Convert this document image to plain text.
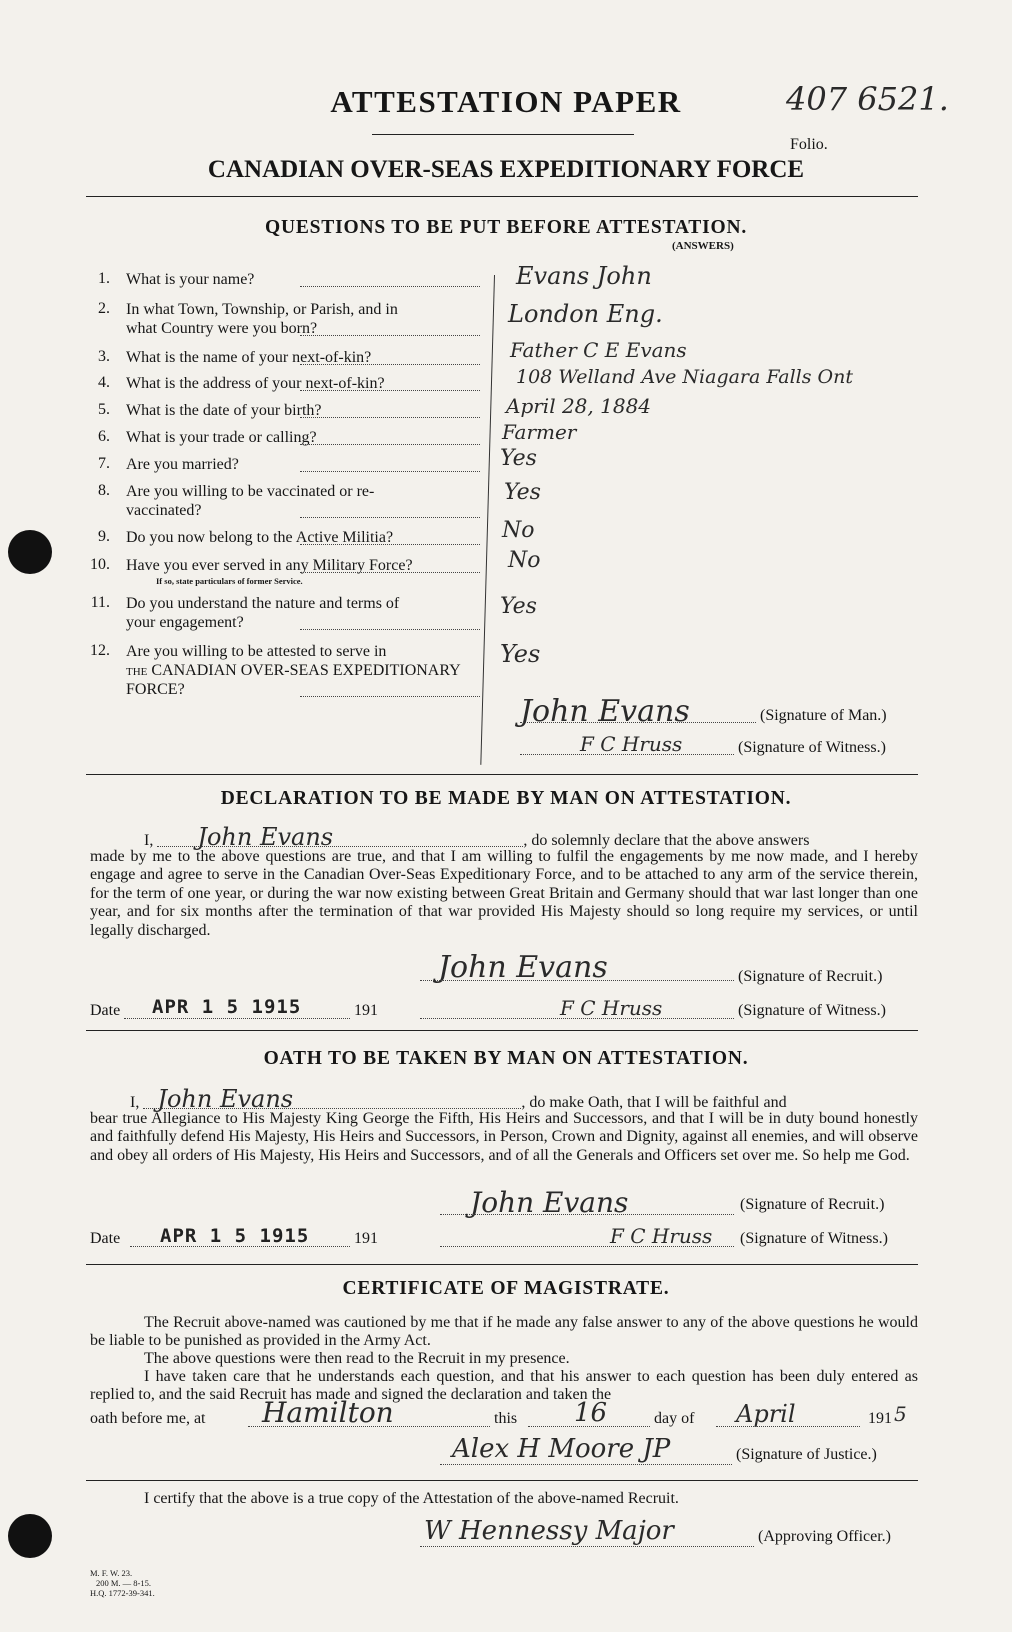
ATTESTATION PAPER	407 6521.
Folio.
CANADIAN OVER-SEAS EXPEDITIONARY FORCE
QUESTIONS TO BE PUT BEFORE ATTESTATION.
(ANSWERS)
1. What is your name?	Evans John
2. In what Town, Township, or Parish, and in
what Country were you born?
London Eng.
3. What is the name of your next-of-kin?	Father C E Evans
4. What is the address of your next-of-kin?	108 Welland Ave Niagara Falls Ont
5. What is the date of your birth?	April 28, 1884
6. What is your trade or calling?	Farmer
7. Are you married?	Yes
8. Are you willing to be vaccinated or re-
vaccinated?
Yes
9. Do you now belong to the Active Militia?	No
10. Have you ever served in any Military Force?
If so, state particulars of former Service.
No
11. Do you understand the nature and terms of
your engagement?
Yes
12. Are you willing to be attested to serve in
the CANADIAN OVER-SEAS EXPEDITIONARY
FORCE?
Yes
John Evans	(Signature of Man.)
F C Hruss	(Signature of Witness.)
DECLARATION TO BE MADE BY MAN ON ATTESTATION.
I, John Evans	, do solemnly declare that the above answers
made by me to the above questions are true, and that I am willing to fulfil the engagements by me now made, and I hereby engage and agree to serve in the Canadian Over-Seas Expeditionary Force, and to be attached to any arm of the service therein, for the term of one year, or during the war now existing between Great Britain and Germany should that war last longer than one year, and for six months after the termination of that war provided His Majesty should so long require my services, or until legally discharged.
John Evans	(Signature of Recruit.)
Date APR 1 5 1915	191	F C Hruss	(Signature of Witness.)
OATH TO BE TAKEN BY MAN ON ATTESTATION.
I, John Evans	, do make Oath, that I will be faithful and
bear true Allegiance to His Majesty King George the Fifth, His Heirs and Successors, and that I will be in duty bound honestly and faithfully defend His Majesty, His Heirs and Successors, in Person, Crown and Dignity, against all enemies, and will observe and obey all orders of His Majesty, His Heirs and Successors, and of all the Generals and Officers set over me. So help me God.
John Evans	(Signature of Recruit.)
Date APR 1 5 1915	191	F C Hruss (Signature of Witness.)
CERTIFICATE OF MAGISTRATE.
The Recruit above-named was cautioned by me that if he made any false answer to any of the above questions he would be liable to be punished as provided in the Army Act.
The above questions were then read to the Recruit in my presence.
I have taken care that he understands each question, and that his answer to each question has been duly entered as replied to, and the said Recruit has made and signed the declaration and taken the
oath before me, at Hamilton	this 16	day of April	191 5
Alex H Moore JP	(Signature of Justice.)
I certify that the above is a true copy of the Attestation of the above-named Recruit.
W Hennessy Major	(Approving Officer.)
M. F. W. 23.
200 M. — 8-15.
H.Q. 1772-39-341.
